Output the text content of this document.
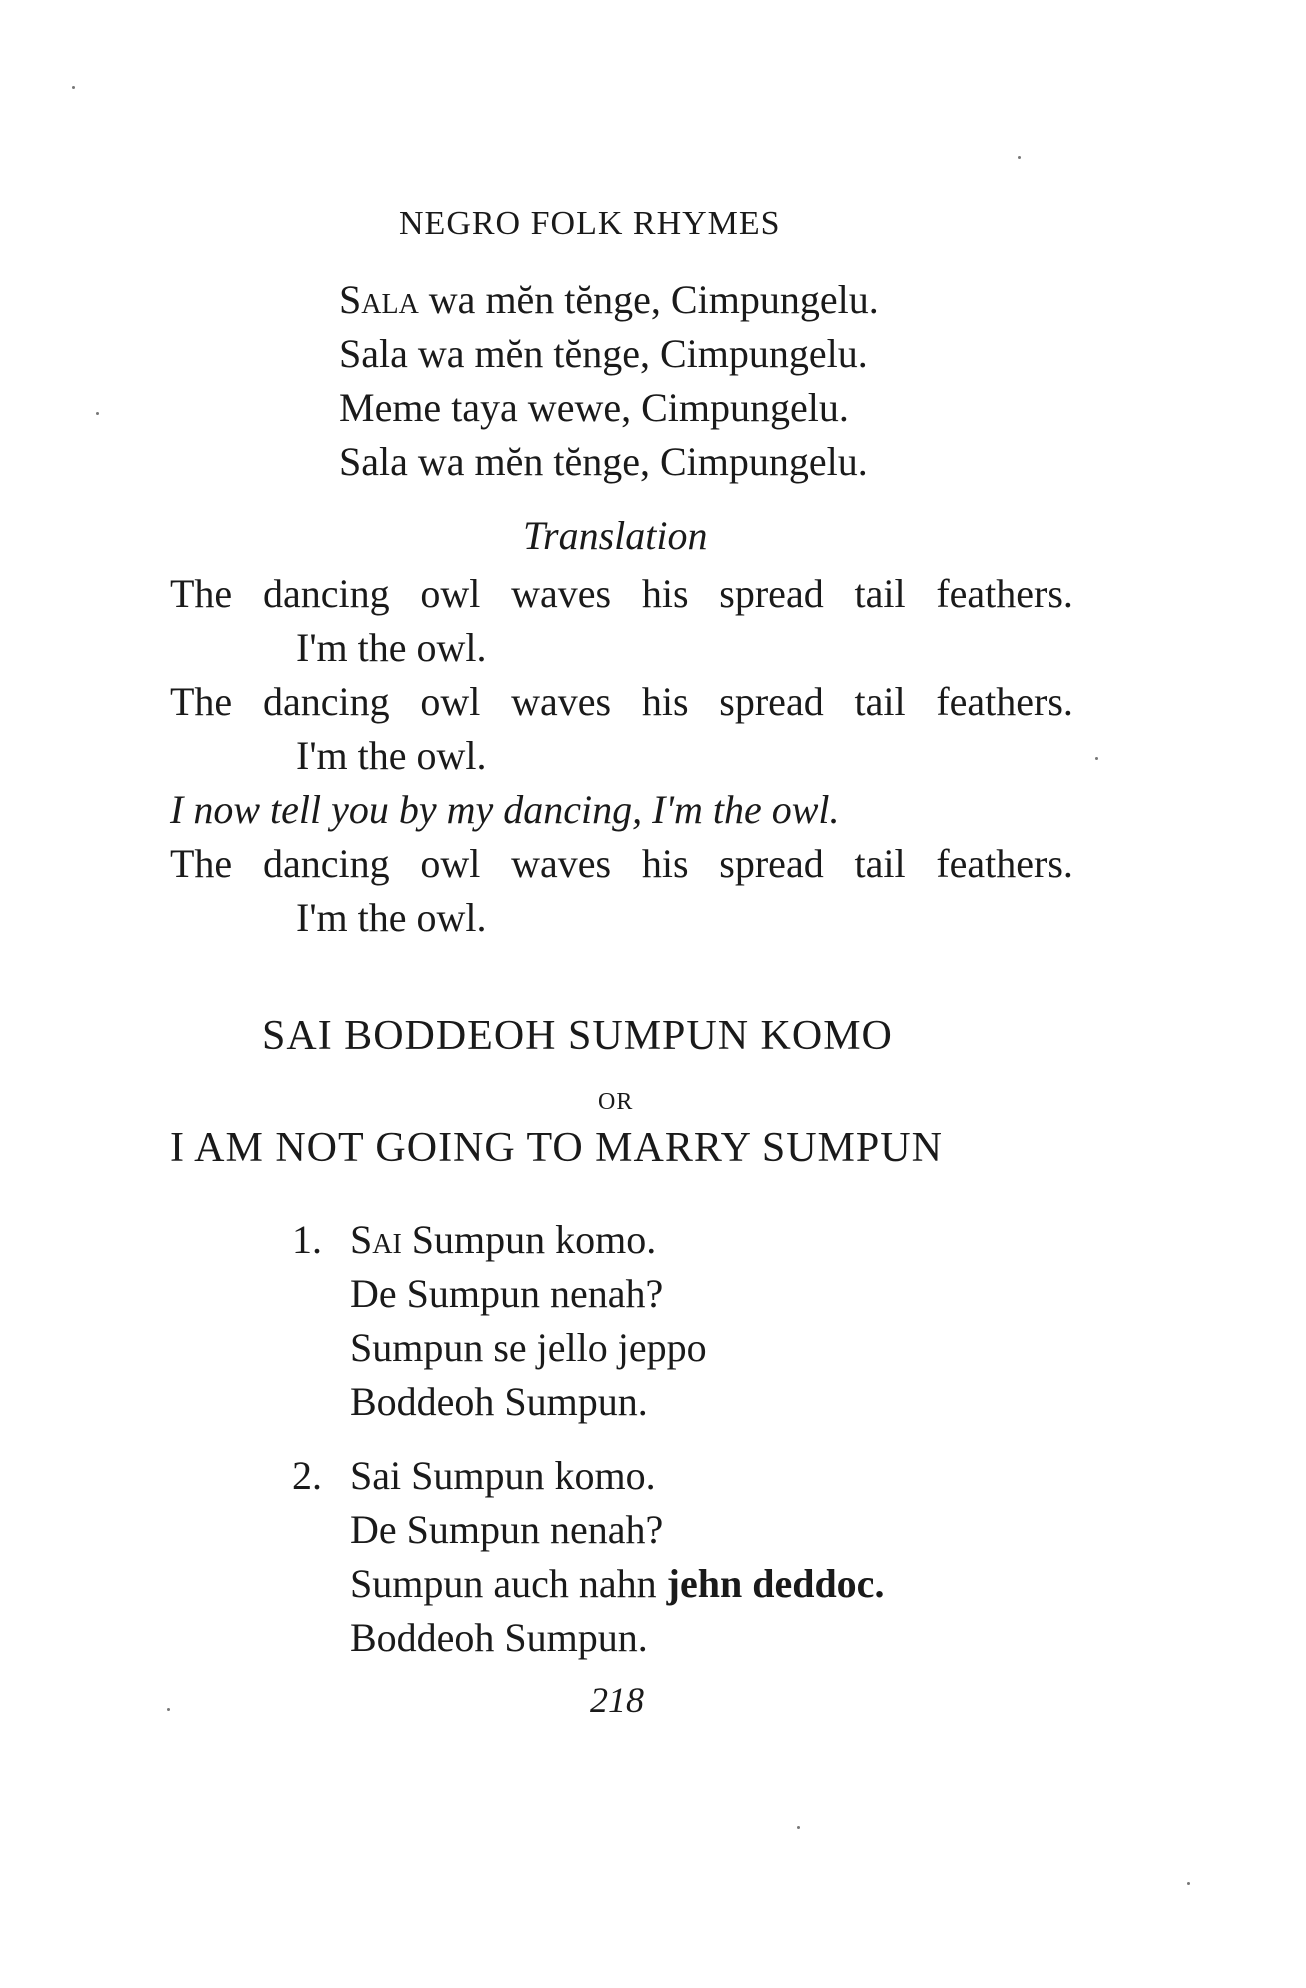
NEGRO FOLK RHYMES
Sala wa mĕn tĕnge, Cimpungelu.
Sala wa mĕn tĕnge, Cimpungelu.
Meme taya wewe, Cimpungelu.
Sala wa mĕn tĕnge, Cimpungelu.
Translation
The dancing owl waves his spread tail feathers.
I'm the owl.
The dancing owl waves his spread tail feathers.
I'm the owl.
I now tell you by my dancing, I'm the owl.
The dancing owl waves his spread tail feathers.
I'm the owl.
SAI BODDEOH SUMPUN KOMO
OR
I AM NOT GOING TO MARRY SUMPUN
1. Sai Sumpun komo.
De Sumpun nenah?
Sumpun se jello jeppo
Boddeoh Sumpun.
2. Sai Sumpun komo.
De Sumpun nenah?
Sumpun auch nahn jehn deddoc.
Boddeoh Sumpun.
218
